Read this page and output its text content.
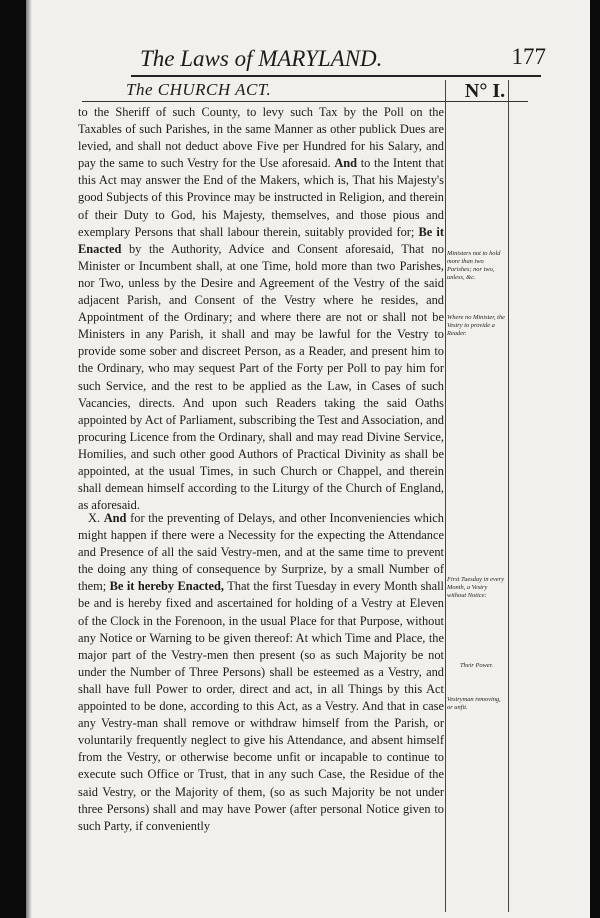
The Laws of MARYLAND.	177
The CHURCH ACT.	N° I.
to the Sheriff of such County, to levy such Tax by the Poll on the Taxables of such Parishes, in the same Manner as other publick Dues are levied, and shall not deduct above Five per Hundred for his Salary, and pay the same to such Vestry for the Use aforesaid. And to the Intent that this Act may answer the End of the Makers, which is, That his Majesty's good Subjects of this Province may be instructed in Religion, and therein of their Duty to God, his Majesty, themselves, and those pious and exemplary Persons that shall labour therein, suitably provided for; Be it Enacted by the Authority, Advice and Consent aforesaid, That no Minister or Incumbent shall, at one Time, hold more than two Parishes, nor Two, unless by the Desire and Agreement of the Vestry of the said adjacent Parish, and Consent of the Vestry where he resides, and Appointment of the Ordinary; and where there are not or shall not be Ministers in any Parish, it shall and may be lawful for the Vestry to provide some sober and discreet Person, as a Reader, and present him to the Ordinary, who may sequest Part of the Forty per Poll to pay him for such Service, and the rest to be applied as the Law, in Cases of such Vacancies, directs. And upon such Readers taking the said Oaths appointed by Act of Parliament, subscribing the Test and Association, and procuring Licence from the Ordinary, shall and may read Divine Service, Homilies, and such other good Authors of Practical Divinity as shall be appointed, at the usual Times, in such Church or Chappel, and therein shall demean himself according to the Liturgy of the Church of England, as aforesaid.
X. And for the preventing of Delays, and other Inconveniencies which might happen if there were a Necessity for the expecting the Attendance and Presence of all the said Vestry-men, and at the same time to prevent the doing any thing of consequence by Surprize, by a small Number of them; Be it hereby Enacted, That the first Tuesday in every Month shall be and is hereby fixed and ascertained for holding of a Vestry at Eleven of the Clock in the Forenoon, in the usual Place for that Purpose, without any Notice or Warning to be given thereof: At which Time and Place, the major part of the Vestry-men then present (so as such Majority be not under the Number of Three Persons) shall be esteemed as a Vestry, and shall have full Power to order, direct and act, in all Things by this Act appointed to be done, according to this Act, as a Vestry. And that in case any Vestry-man shall remove or withdraw himself from the Parish, or voluntarily frequently neglect to give his Attendance, and absent himself from the Vestry, or otherwise become unfit or incapable to continue to execute such Office or Trust, that in any such Case, the Residue of the said Vestry, or the Majority of them, (so as such Majority be not under three Persons) shall and may have Power (after personal Notice given to such Party, if conveniently
Ministers not to hold more than two Parishes; nor two, unless, &c.
Where no Minister, the Vestry to provide a Reader.
First Tuesday in every Month, a Vestry without Notice:
Their Power.
Vestryman removing, or unfit.
